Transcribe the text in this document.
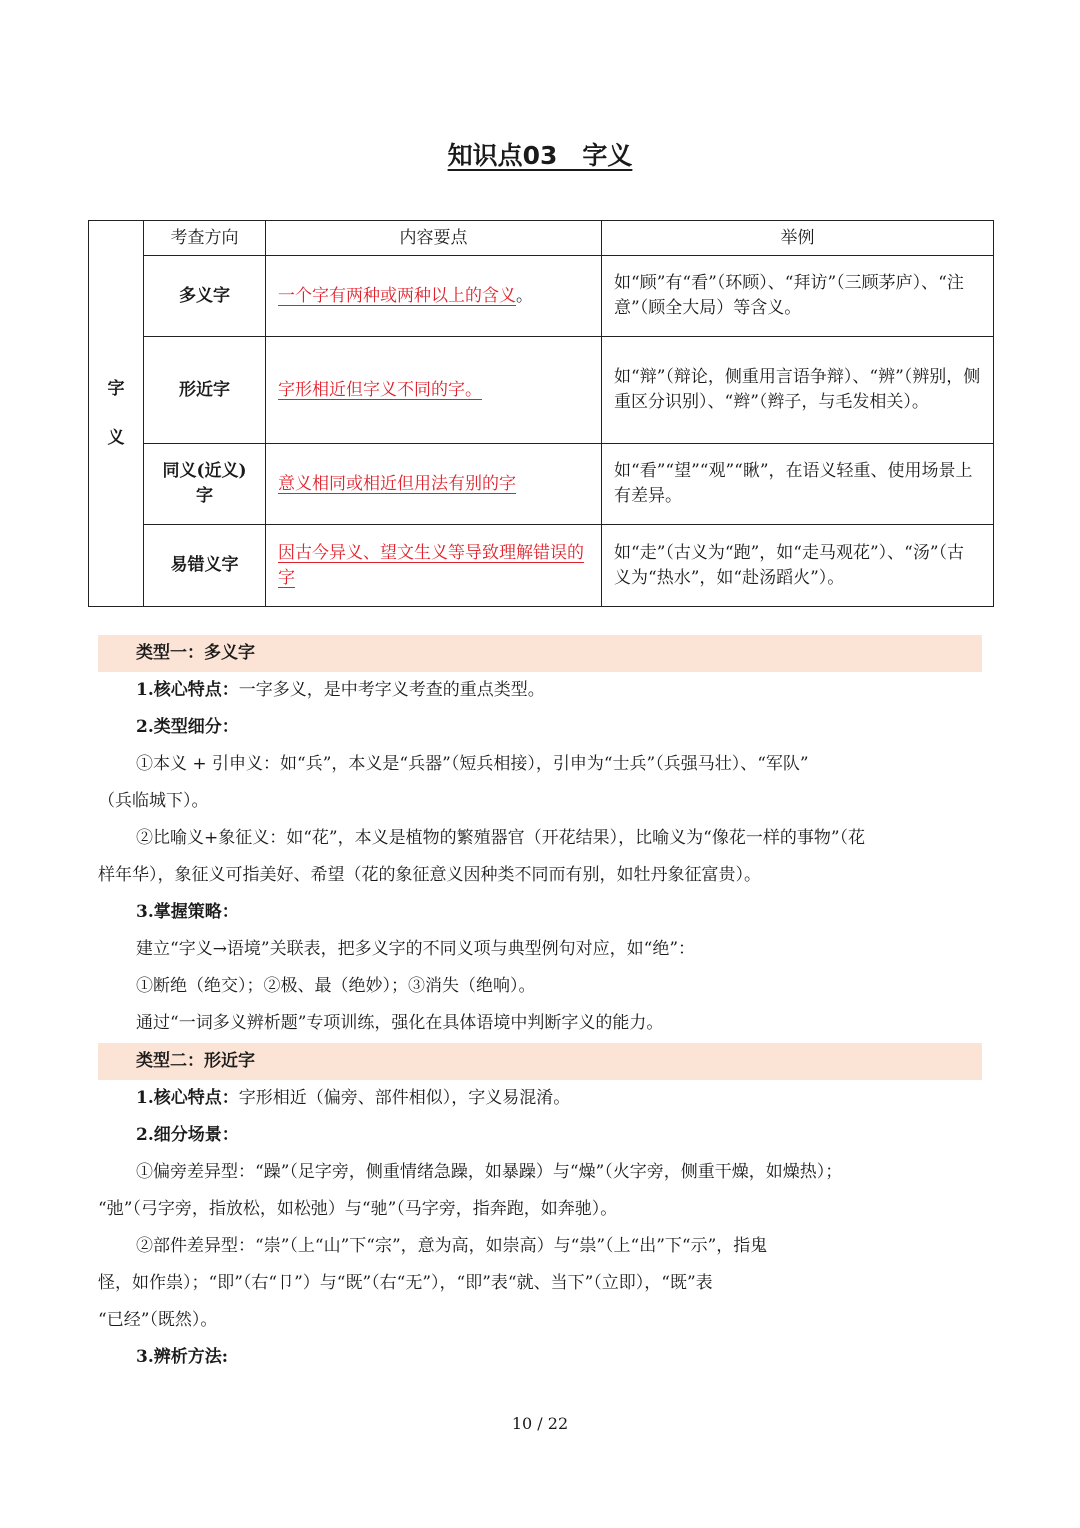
知识点03　字义
字
义	考查方向	内容要点	举例
	多义字	一个字有两种或两种以上的含义。	如“顾”有“看”（环顾）、“拜访”（三顾茅庐）、“注意”（顾全大局）等含义。
	形近字	字形相近但字义不同的字。	如“辩”（辩论，侧重用言语争辩）、“辨”（辨别，侧重区分识别）、“辫”（辫子，与毛发相关）。
	同义(近义)字	意义相同或相近但用法有别的字	如“看”“望”“观”“瞅”，在语义轻重、使用场景上有差异。
	易错义字	因古今异义、望文生义等导致理解错误的字	如“走”（古义为“跑”，如“走马观花”）、“汤”（古义为“热水”，如“赴汤蹈火”）。
类型一：多义字
1.核心特点：一字多义，是中考字义考查的重点类型。
2.类型细分：
①本义 + 引申义：如“兵”，本义是“兵器”（短兵相接），引申为“士兵”（兵强马壮）、“军队”
（兵临城下）。
②比喻义+象征义：如“花”，本义是植物的繁殖器官（开花结果），比喻义为“像花一样的事物”（花
样年华），象征义可指美好、希望（花的象征意义因种类不同而有别，如牡丹象征富贵）。
3.掌握策略：
建立“字义→语境”关联表，把多义字的不同义项与典型例句对应，如“绝”：
①断绝（绝交）；②极、最（绝妙）；③消失（绝响）。
通过“一词多义辨析题”专项训练，强化在具体语境中判断字义的能力。
类型二：形近字
1.核心特点：字形相近（偏旁、部件相似），字义易混淆。
2.细分场景：
①偏旁差异型：“躁”（足字旁，侧重情绪急躁，如暴躁）与“燥”（火字旁，侧重干燥，如燥热）；
“弛”（弓字旁，指放松，如松弛）与“驰”（马字旁，指奔跑，如奔驰）。
②部件差异型：“崇”（上“山”下“宗”，意为高，如崇高）与“祟”（上“出”下“示”，指鬼
怪，如作祟）；“即”（右“卩”）与“既”（右“无”），“即”表“就、当下”（立即），“既”表
“已经”（既然）。
3.辨析方法:
10 / 22
